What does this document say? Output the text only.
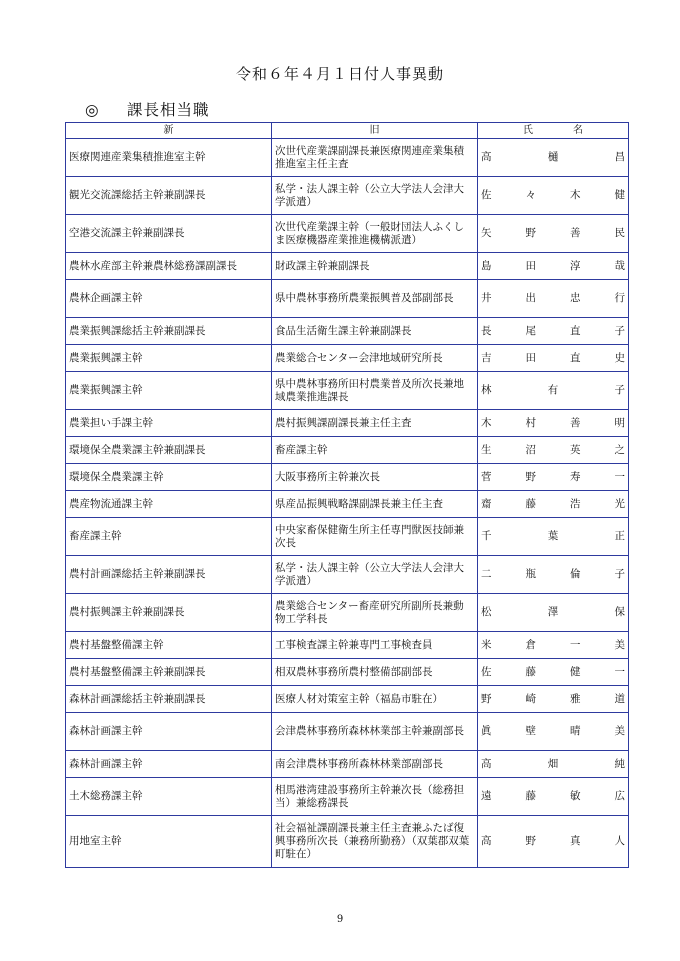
令和６年４月１日付人事異動
◎ 課長相当職
新	旧	氏 名
医療関連産業集積推進室主幹	次世代産業課副課長兼医療関連産業集積推進室主任主査	高 樋 昌

観光交流課総括主幹兼副課長	私学・法人課主幹（公立大学法人会津大学派遣）	佐 々 木 健

空港交流課主幹兼副課長	次世代産業課主幹（一般財団法人ふくしま医療機器産業推進機構派遣）	矢 野 善 民

農林水産部主幹兼農林総務課副課長	財政課主幹兼副課長	島 田 淳 哉

農林企画課主幹	県中農林事務所農業振興普及部副部長	井 出 忠 行

農業振興課総括主幹兼副課長	食品生活衛生課主幹兼副課長	長 尾 直 子

農業振興課主幹	農業総合センター会津地域研究所長	吉 田 直 史

農業振興課主幹	県中農林事務所田村農業普及所次長兼地域農業推進課長	林 有 子

農業担い手課主幹	農村振興課副課長兼主任主査	木 村 善 明

環境保全農業課主幹兼副課長	畜産課主幹	生 沼 英 之

環境保全農業課主幹	大阪事務所主幹兼次長	菅 野 寿 一

農産物流通課主幹	県産品振興戦略課副課長兼主任主査	齋 藤 浩 光

畜産課主幹	中央家畜保健衛生所主任専門獣医技師兼次長	千 葉 正

農村計画課総括主幹兼副課長	私学・法人課主幹（公立大学法人会津大学派遣）	二 瓶 倫 子

農村振興課主幹兼副課長	農業総合センター畜産研究所副所長兼動物工学科長	松 澤 保

農村基盤整備課主幹	工事検査課主幹兼専門工事検査員	米 倉 一 美

農村基盤整備課主幹兼副課長	相双農林事務所農村整備部副部長	佐 藤 健 一

森林計画課総括主幹兼副課長	医療人材対策室主幹（福島市駐在）	野 崎 雅 道

森林計画課主幹	会津農林事務所森林林業部主幹兼副部長	眞 壁 晴 美

森林計画課主幹	南会津農林事務所森林林業部副部長	高 畑 純

土木総務課主幹	相馬港湾建設事務所主幹兼次長（総務担当）兼総務課長	遠 藤 敏 広

用地室主幹	社会福祉課副課長兼主任主査兼ふたば復興事務所次長（兼務所勤務）（双葉郡双葉町駐在）	高 野 真 人
9
